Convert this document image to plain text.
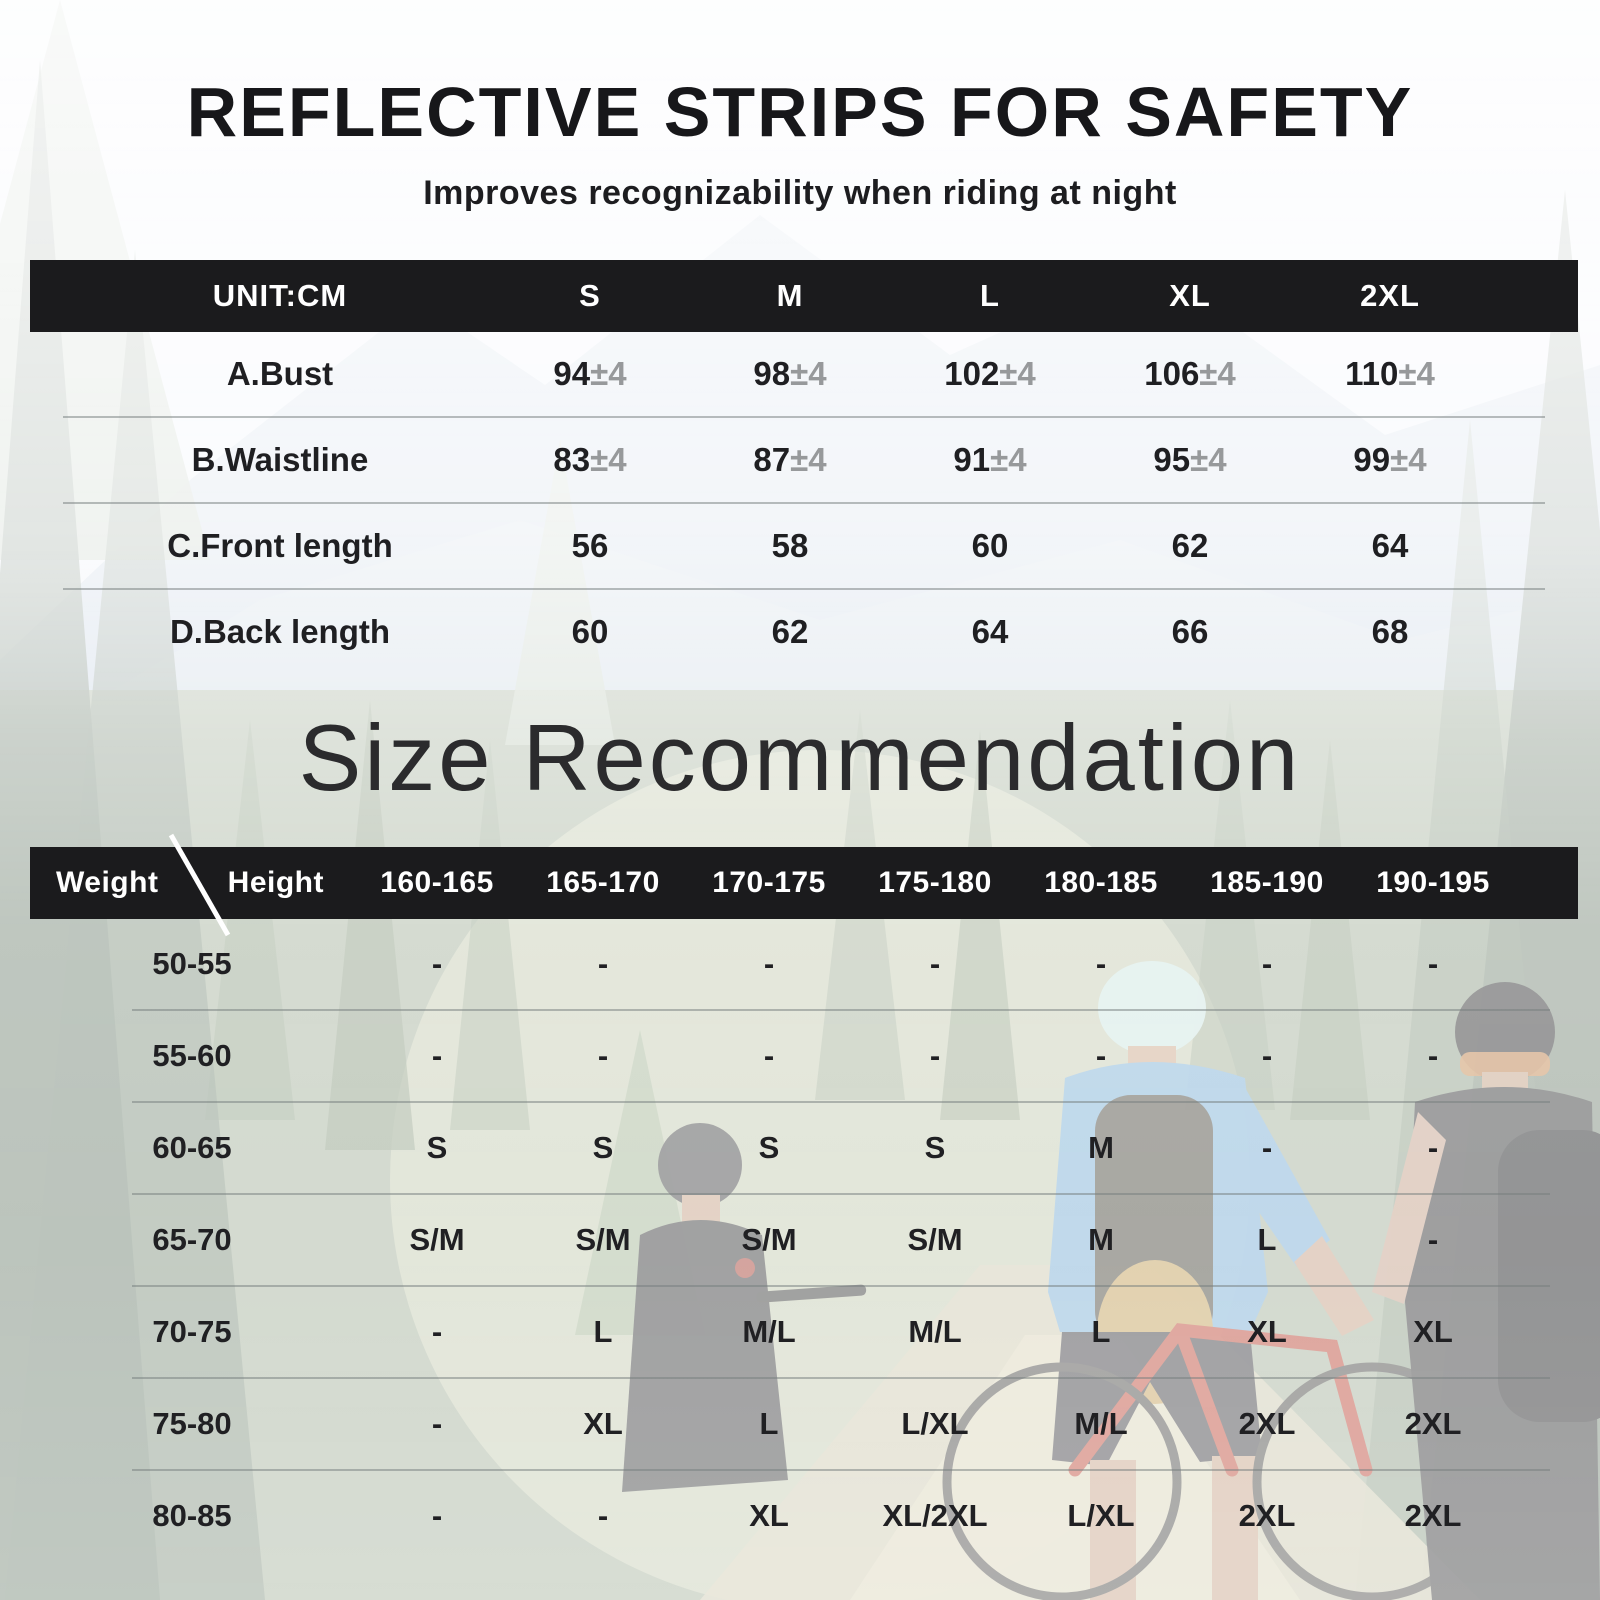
REFLECTIVE STRIPS FOR SAFETY
Improves recognizability when riding at night
UNIT:CM	S	M	L	XL	2XL
A.Bust	94±4	98±4	102±4	106±4	110±4
B.Waistline	83±4	87±4	91±4	95±4	99±4
C.Front length	56	58	60	62	64
D.Back length	60	62	64	66	68
Size Recommendation
Weight Height	160-165	165-170	170-175	175-180	180-185	185-190	190-195
50-55	-	-	-	-	-	-	-
55-60	-	-	-	-	-	-	-
60-65	S	S	S	S	M	-	-
65-70	S/M	S/M	S/M	S/M	M	L	-
70-75	-	L	M/L	M/L	L	XL	XL
75-80	-	XL	L	L/XL	M/L	2XL	2XL
80-85	-	-	XL	XL/2XL	L/XL	2XL	2XL
